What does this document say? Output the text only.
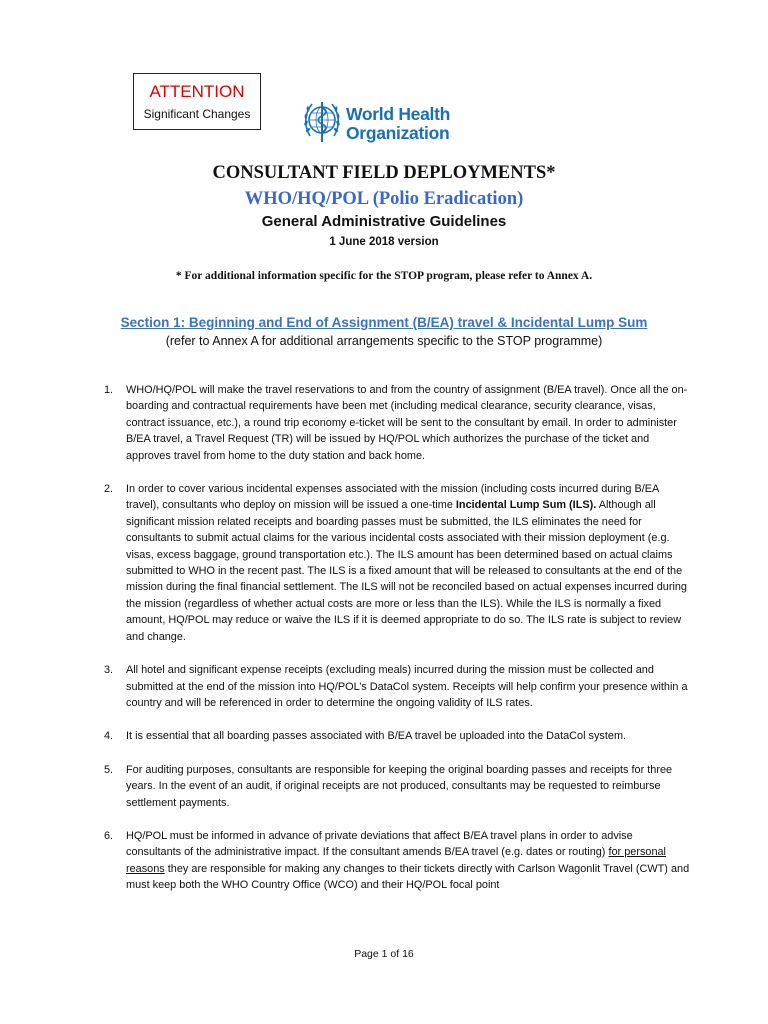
ATTENTION
Significant Changes	World Health
Organization
CONSULTANT FIELD DEPLOYMENTS*
WHO/HQ/POL (Polio Eradication)
General Administrative Guidelines
1 June 2018 version
* For additional information specific for the STOP program, please refer to Annex A.
Section 1: Beginning and End of Assignment (B/EA) travel & Incidental Lump Sum
(refer to Annex A for additional arrangements specific to the STOP programme)
1. WHO/HQ/POL will make the travel reservations to and from the country of assignment (B/EA travel). Once all the on-boarding and contractual requirements have been met (including medical clearance, security clearance, visas, contract issuance, etc.), a round trip economy e-ticket will be sent to the consultant by email. In order to administer B/EA travel, a Travel Request (TR) will be issued by HQ/POL which authorizes the purchase of the ticket and approves travel from home to the duty station and back home.

2. In order to cover various incidental expenses associated with the mission (including costs incurred during B/EA travel), consultants who deploy on mission will be issued a one-time Incidental Lump Sum (ILS). Although all significant mission related receipts and boarding passes must be submitted, the ILS eliminates the need for consultants to submit actual claims for the various incidental costs associated with their mission deployment (e.g. visas, excess baggage, ground transportation etc.). The ILS amount has been determined based on actual claims submitted to WHO in the recent past. The ILS is a fixed amount that will be released to consultants at the end of the mission during the final financial settlement. The ILS will not be reconciled based on actual expenses incurred during the mission (regardless of whether actual costs are more or less than the ILS). While the ILS is normally a fixed amount, HQ/POL may reduce or waive the ILS if it is deemed appropriate to do so. The ILS rate is subject to review and change.

3. All hotel and significant expense receipts (excluding meals) incurred during the mission must be collected and submitted at the end of the mission into HQ/POL’s DataCol system. Receipts will help confirm your presence within a country and will be referenced in order to determine the ongoing validity of ILS rates.

4. It is essential that all boarding passes associated with B/EA travel be uploaded into the DataCol system.

5. For auditing purposes, consultants are responsible for keeping the original boarding passes and receipts for three years. In the event of an audit, if original receipts are not produced, consultants may be requested to reimburse settlement payments.

6. HQ/POL must be informed in advance of private deviations that affect B/EA travel plans in order to advise consultants of the administrative impact. If the consultant amends B/EA travel (e.g. dates or routing) for personal reasons they are responsible for making any changes to their tickets directly with Carlson Wagonlit Travel (CWT) and must keep both the WHO Country Office (WCO) and their HQ/POL focal point

Page 1 of 16
